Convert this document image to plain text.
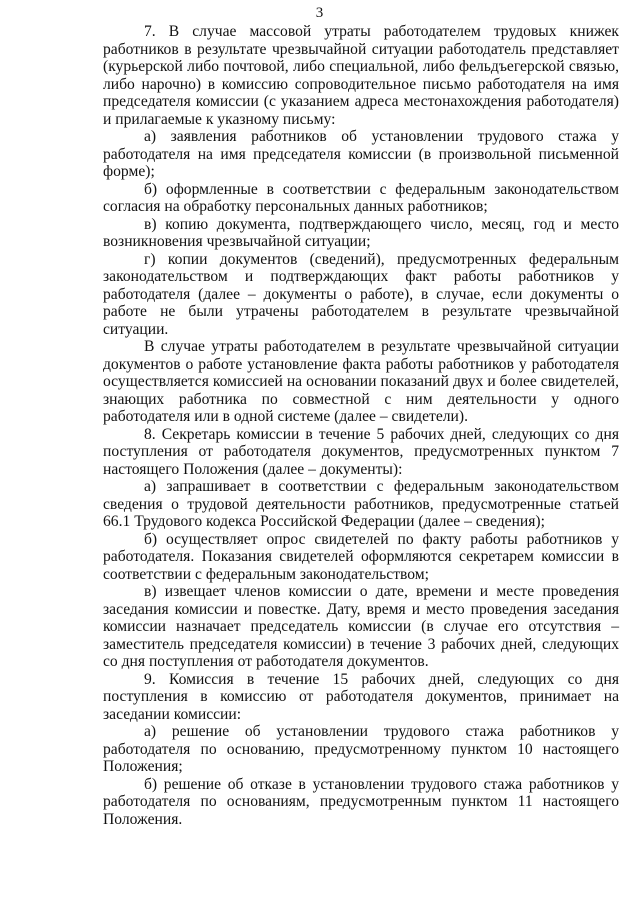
3

7. В случае массовой утраты работодателем трудовых книжек работников в результате чрезвычайной ситуации работодатель представляет (курьерской либо почтовой, либо специальной, либо фельдъегерской связью, либо нарочно) в комиссию сопроводительное письмо работодателя на имя председателя комиссии (с указанием адреса местонахождения работодателя) и прилагаемые к указному письму:

а) заявления работников об установлении трудового стажа у работодателя на имя председателя комиссии (в произвольной письменной форме);

б) оформленные в соответствии с федеральным законодательством согласия на обработку персональных данных работников;

в) копию документа, подтверждающего число, месяц, год и место возникновения чрезвычайной ситуации;

г) копии документов (сведений), предусмотренных федеральным законодательством и подтверждающих факт работы работников у работодателя (далее – документы о работе), в случае, если документы о работе не были утрачены работодателем в результате чрезвычайной ситуации.

В случае утраты работодателем в результате чрезвычайной ситуации документов о работе установление факта работы работников у работодателя осуществляется комиссией на основании показаний двух и более свидетелей, знающих работника по совместной с ним деятельности у одного работодателя или в одной системе (далее – свидетели).

8. Секретарь комиссии в течение 5 рабочих дней, следующих со дня поступления от работодателя документов, предусмотренных пунктом 7 настоящего Положения (далее – документы):

а) запрашивает в соответствии с федеральным законодательством сведения о трудовой деятельности работников, предусмотренные статьей 66.1 Трудового кодекса Российской Федерации (далее – сведения);

б) осуществляет опрос свидетелей по факту работы работников у работодателя. Показания свидетелей оформляются секретарем комиссии в соответствии с федеральным законодательством;

в) извещает членов комиссии о дате, времени и месте проведения заседания комиссии и повестке. Дату, время и место проведения заседания комиссии назначает председатель комиссии (в случае его отсутствия – заместитель председателя комиссии) в течение 3 рабочих дней, следующих со дня поступления от работодателя документов.

9. Комиссия в течение 15 рабочих дней, следующих со дня поступления в комиссию от работодателя документов, принимает на заседании комиссии:

а) решение об установлении трудового стажа работников у работодателя по основанию, предусмотренному пунктом 10 настоящего Положения;

б) решение об отказе в установлении трудового стажа работников у работодателя по основаниям, предусмотренным пунктом 11 настоящего Положения.
